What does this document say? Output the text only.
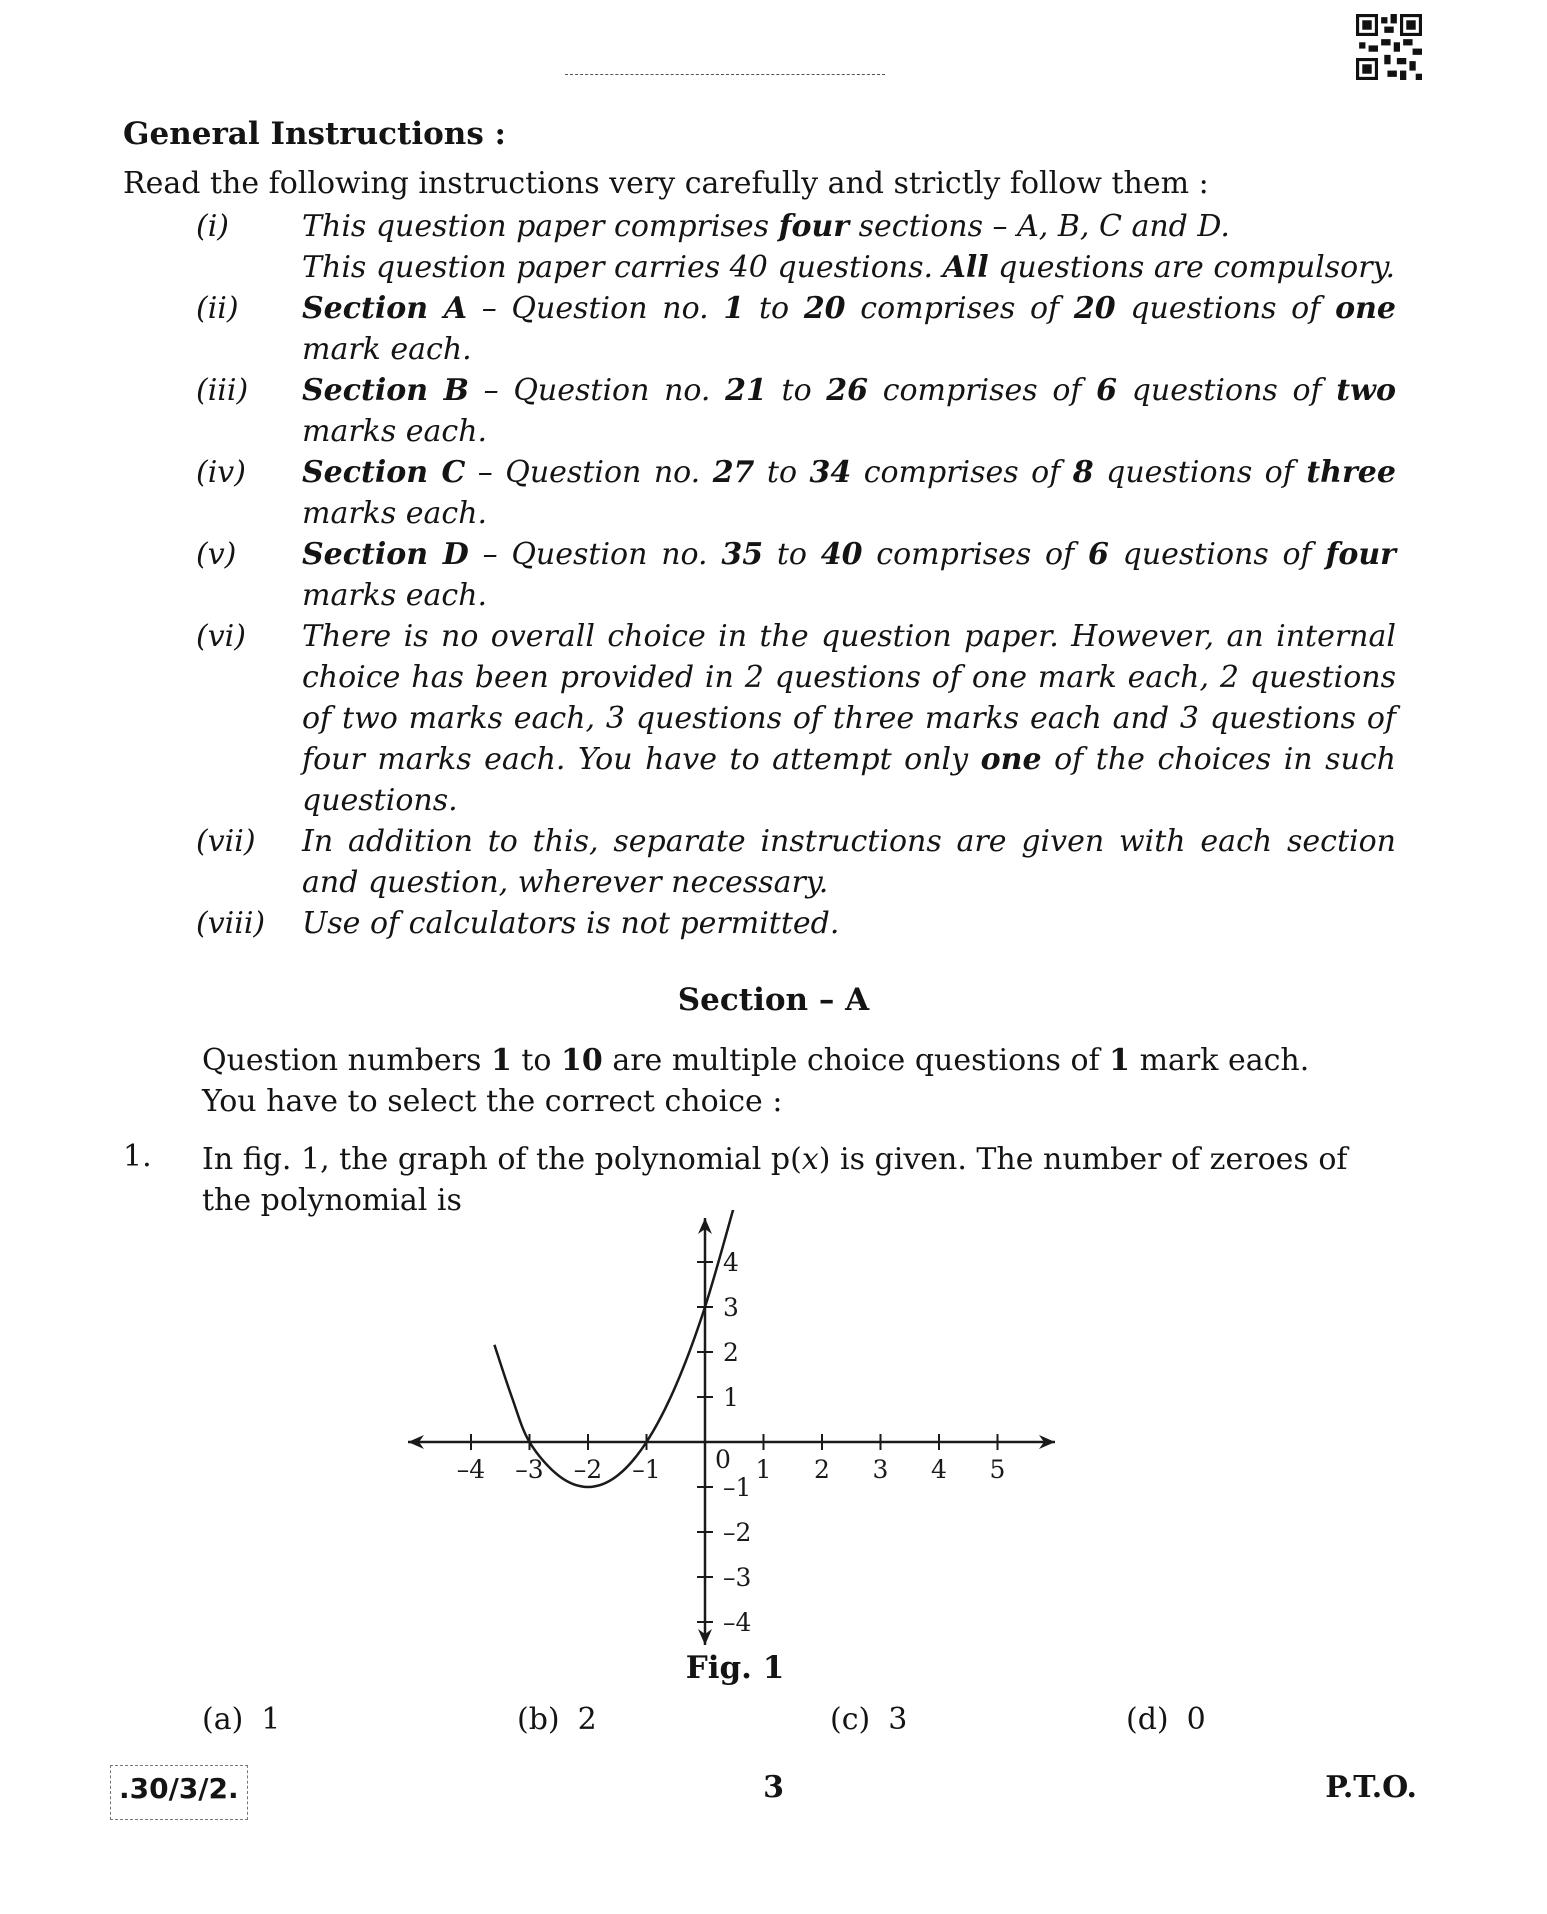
General Instructions :
Read the following instructions very carefully and strictly follow them :
(i)	This question paper comprises four sections – A, B, C and D.
This question paper carries 40 questions. All questions are compulsory.
(ii)	Section A – Question no. 1 to 20 comprises of 20 questions of one mark each.
(iii)	Section B – Question no. 21 to 26 comprises of 6 questions of two marks each.
(iv)	Section C – Question no. 27 to 34 comprises of 8 questions of three marks each.
(v)	Section D – Question no. 35 to 40 comprises of 6 questions of four marks each.
(vi)	There is no overall choice in the question paper. However, an internal choice has been provided in 2 questions of one mark each, 2 questions of two marks each, 3 questions of three marks each and 3 questions of four marks each. You have to attempt only one of the choices in such questions.
(vii)	In addition to this, separate instructions are given with each section and question, wherever necessary.
(viii)	Use of calculators is not permitted.
Section – A
Question numbers 1 to 10 are multiple choice questions of 1 mark each.
You have to select the correct choice :
1. In fig. 1, the graph of the polynomial p(x) is given. The number of zeroes of the polynomial is
–4 –3 –2 –1 0 1 2 3 4 5
4
3
2
1
–1
–2
–3
–4
Fig. 1
(a) 1	(b) 2	(c) 3	(d) 0
.30/3/2.	3	P.T.O.
